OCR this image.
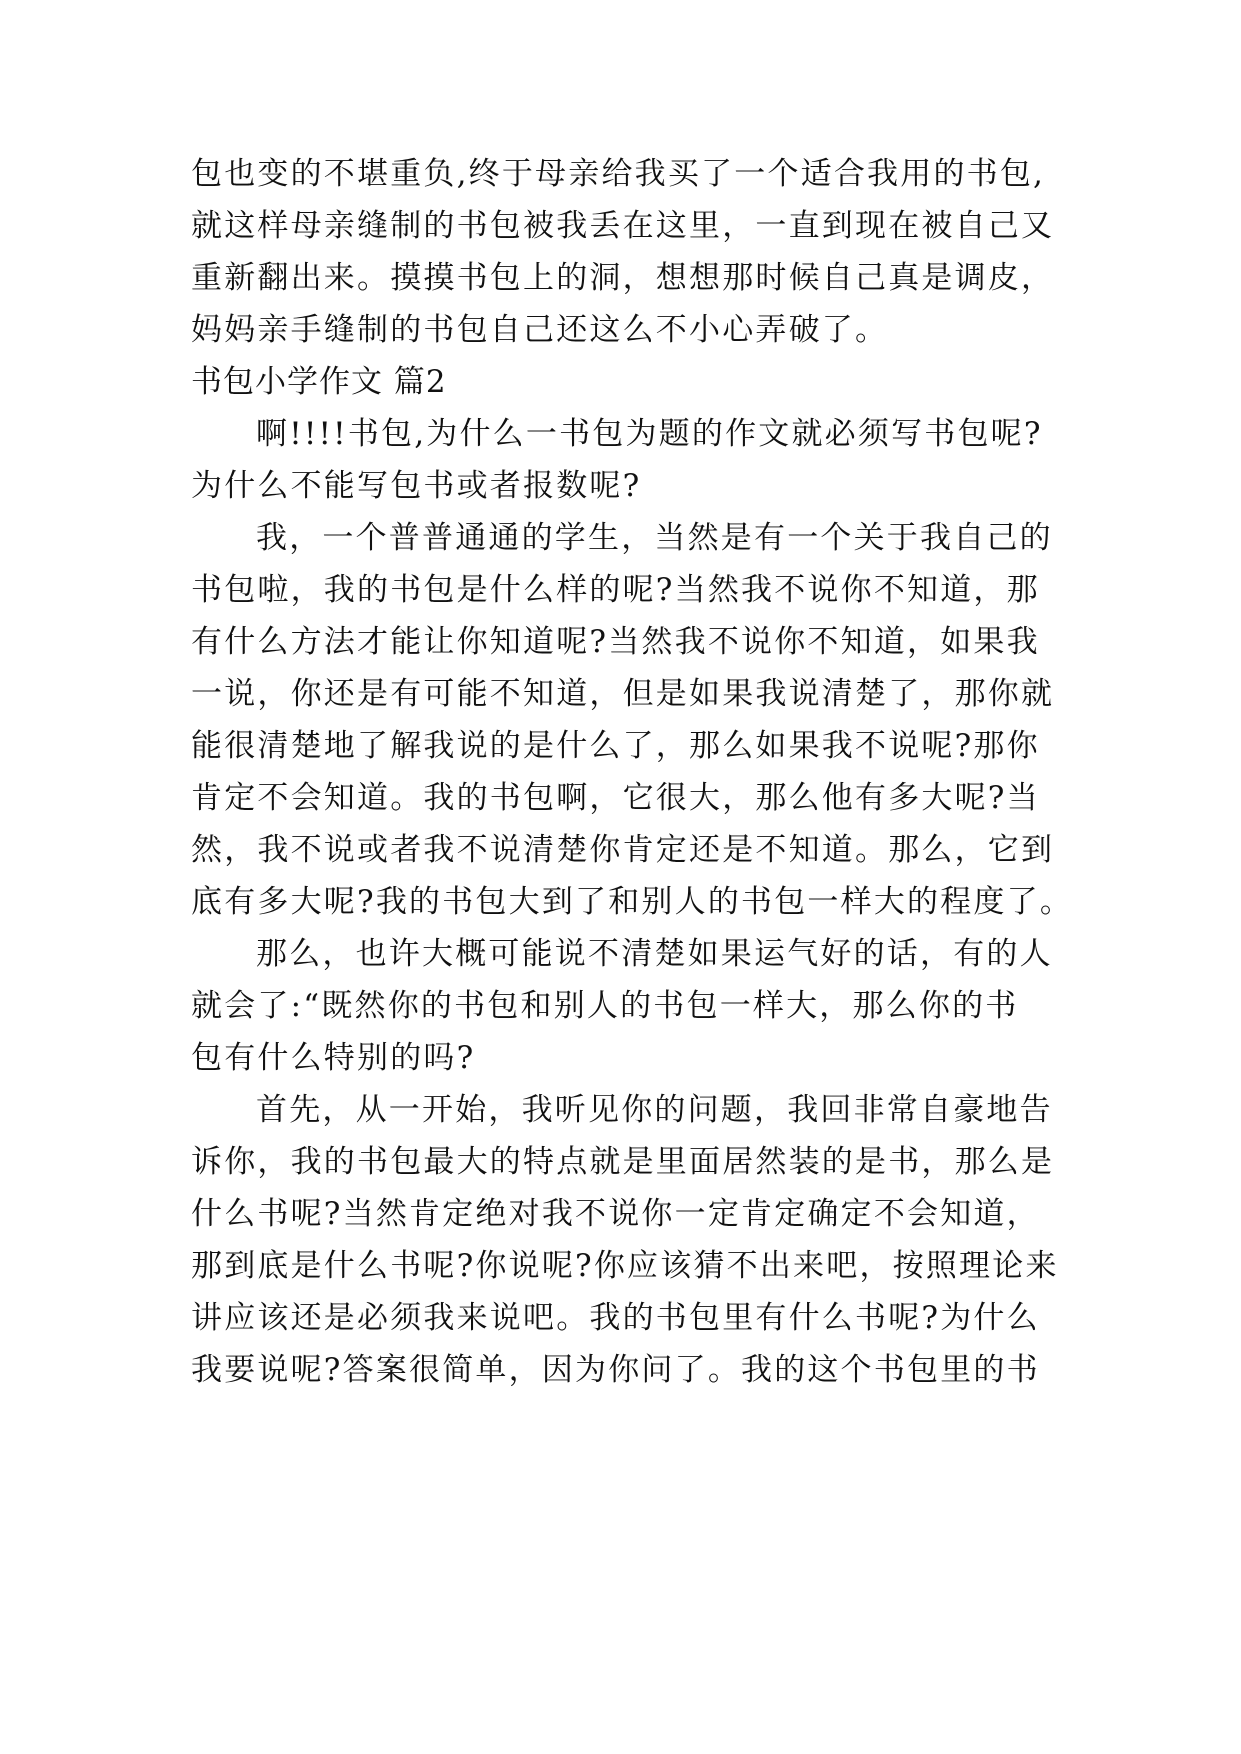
包也变的不堪重负,终于母亲给我买了一个适合我用的书包,
就这样母亲缝制的书包被我丢在这里，一直到现在被自己又
重新翻出来。摸摸书包上的洞，想想那时候自己真是调皮，
妈妈亲手缝制的书包自己还这么不小心弄破了。
书包小学作文 篇2
啊!!!!书包,为什么一书包为题的作文就必须写书包呢?
为什么不能写包书或者报数呢?
我，一个普普通通的学生，当然是有一个关于我自己的
书包啦，我的书包是什么样的呢?当然我不说你不知道，那
有什么方法才能让你知道呢?当然我不说你不知道，如果我
一说，你还是有可能不知道，但是如果我说清楚了，那你就
能很清楚地了解我说的是什么了，那么如果我不说呢?那你
肯定不会知道。我的书包啊，它很大，那么他有多大呢?当
然，我不说或者我不说清楚你肯定还是不知道。那么，它到
底有多大呢?我的书包大到了和别人的书包一样大的程度了。
那么，也许大概可能说不清楚如果运气好的话，有的人
就会了:“既然你的书包和别人的书包一样大，那么你的书
包有什么特别的吗?
首先，从一开始，我听见你的问题，我回非常自豪地告
诉你，我的书包最大的特点就是里面居然装的是书，那么是
什么书呢?当然肯定绝对我不说你一定肯定确定不会知道，
那到底是什么书呢?你说呢?你应该猜不出来吧，按照理论来
讲应该还是必须我来说吧。我的书包里有什么书呢?为什么
我要说呢?答案很简单，因为你问了。我的这个书包里的书
